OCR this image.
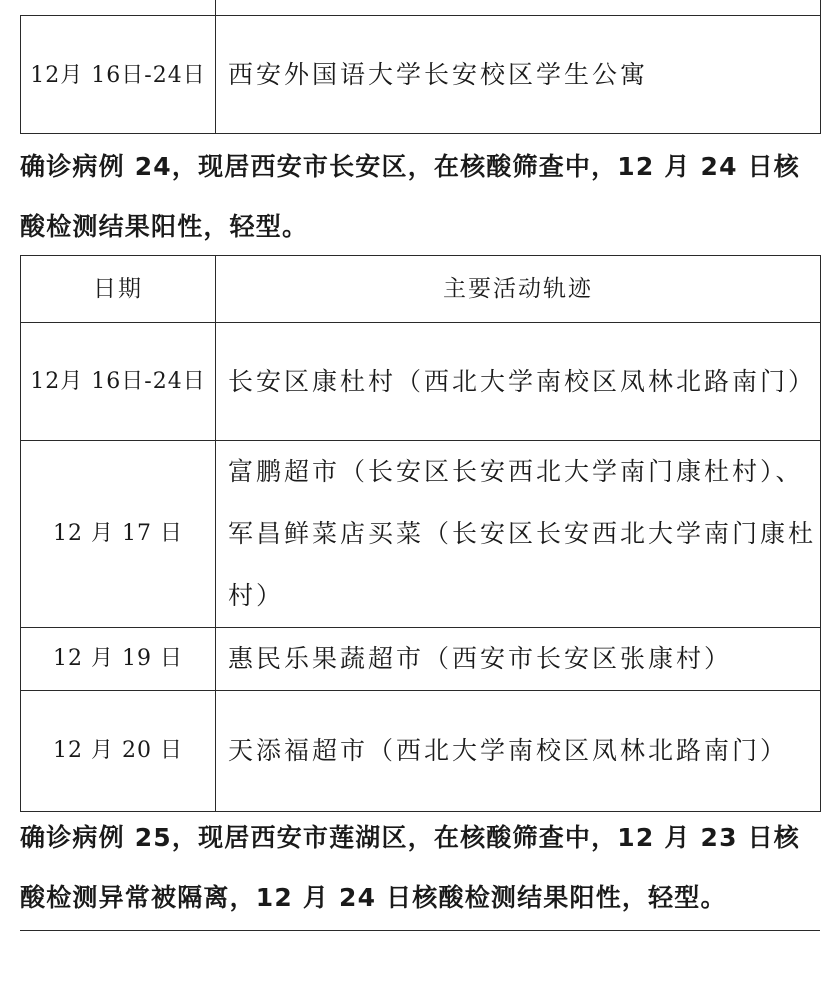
12月 16日-24日	西安外国语大学长安校区学生公寓
确诊病例 24，现居西安市长安区，在核酸筛查中，12 月 24 日核酸检测结果阳性，轻型。
日期	主要活动轨迹
12月 16日-24日	长安区康杜村（西北大学南校区凤林北路南门）
12 月 17 日	富鹏超市（长安区长安西北大学南门康杜村）、军昌鲜菜店买菜（长安区长安西北大学南门康杜村）
12 月 19 日	惠民乐果蔬超市（西安市长安区张康村）
12 月 20 日	天添福超市（西北大学南校区凤林北路南门）
确诊病例 25，现居西安市莲湖区，在核酸筛查中，12 月 23 日核酸检测异常被隔离，12 月 24 日核酸检测结果阳性，轻型。
